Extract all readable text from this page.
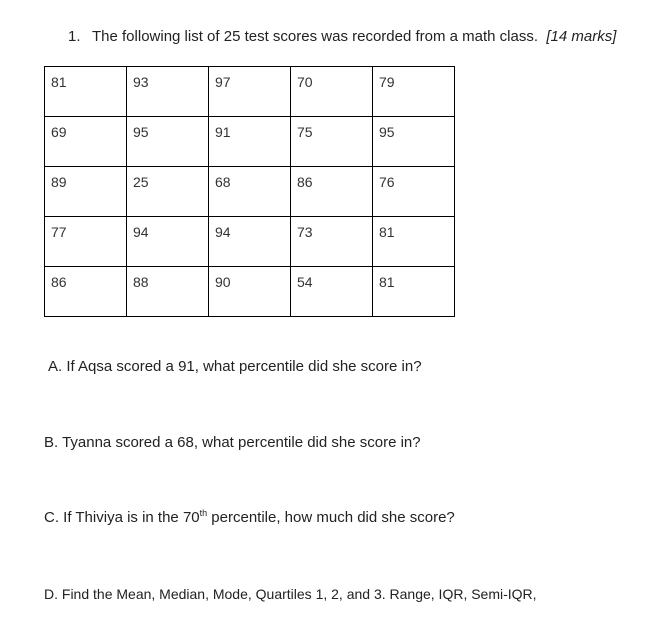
1. The following list of 25 test scores was recorded from a math class. [14 marks]
81	93	97	70	79

69	95	91	75	95

89	25	68	86	76

77	94	94	73	81

86	88	90	54	81
A. If Aqsa scored a 91, what percentile did she score in?
B. Tyanna scored a 68, what percentile did she score in?
C. If Thiviya is in the 70th percentile, how much did she score?
D. Find the Mean, Median, Mode, Quartiles 1, 2, and 3. Range, IQR, Semi-IQR,
